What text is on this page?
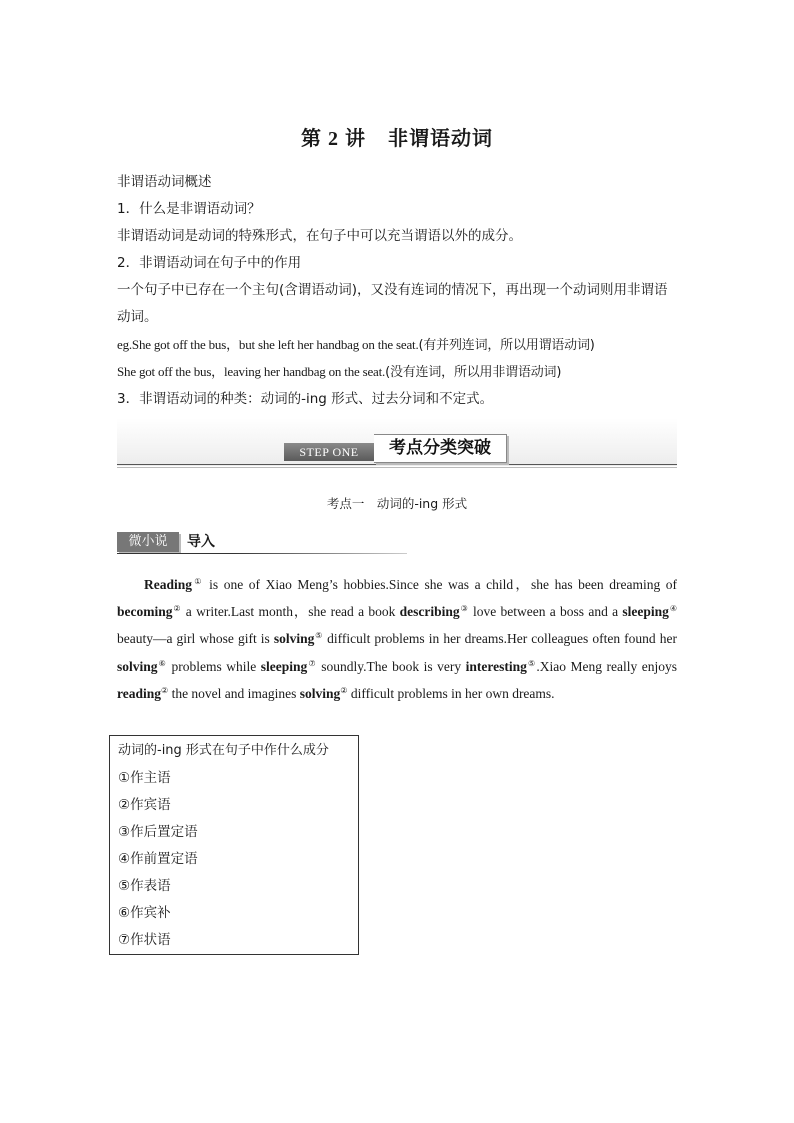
第 2 讲 非谓语动词
非谓语动词概述
1．什么是非谓语动词？
非谓语动词是动词的特殊形式，在句子中可以充当谓语以外的成分。
2．非谓语动词在句子中的作用
一个句子中已存在一个主句(含谓语动词)，又没有连词的情况下，再出现一个动词则用非谓语动词。
eg.She got off the bus，but she left her handbag on the seat.(有并列连词，所以用谓语动词)
She got off the bus，leaving her handbag on the seat.(没有连词，所以用非谓语动词)
3．非谓语动词的种类：动词的-ing 形式、过去分词和不定式。
STEP ONE	考点分类突破
考点一　动词的-ing 形式
微小说	导入
Reading① is one of Xiao Meng’s hobbies.Since she was a child，she has been dreaming of becoming② a writer.Last month，she read a book describing③ love between a boss and a sleeping④ beauty—a girl whose gift is solving⑤ difficult problems in her dreams.Her colleagues often found her solving⑥ problems while sleeping⑦ soundly.The book is very interesting⑤.Xiao Meng really enjoys reading② the novel and imagines solving② difficult problems in her own dreams.
动词的-ing 形式在句子中作什么成分
①作主语
②作宾语
③作后置定语
④作前置定语
⑤作表语
⑥作宾补
⑦作状语
